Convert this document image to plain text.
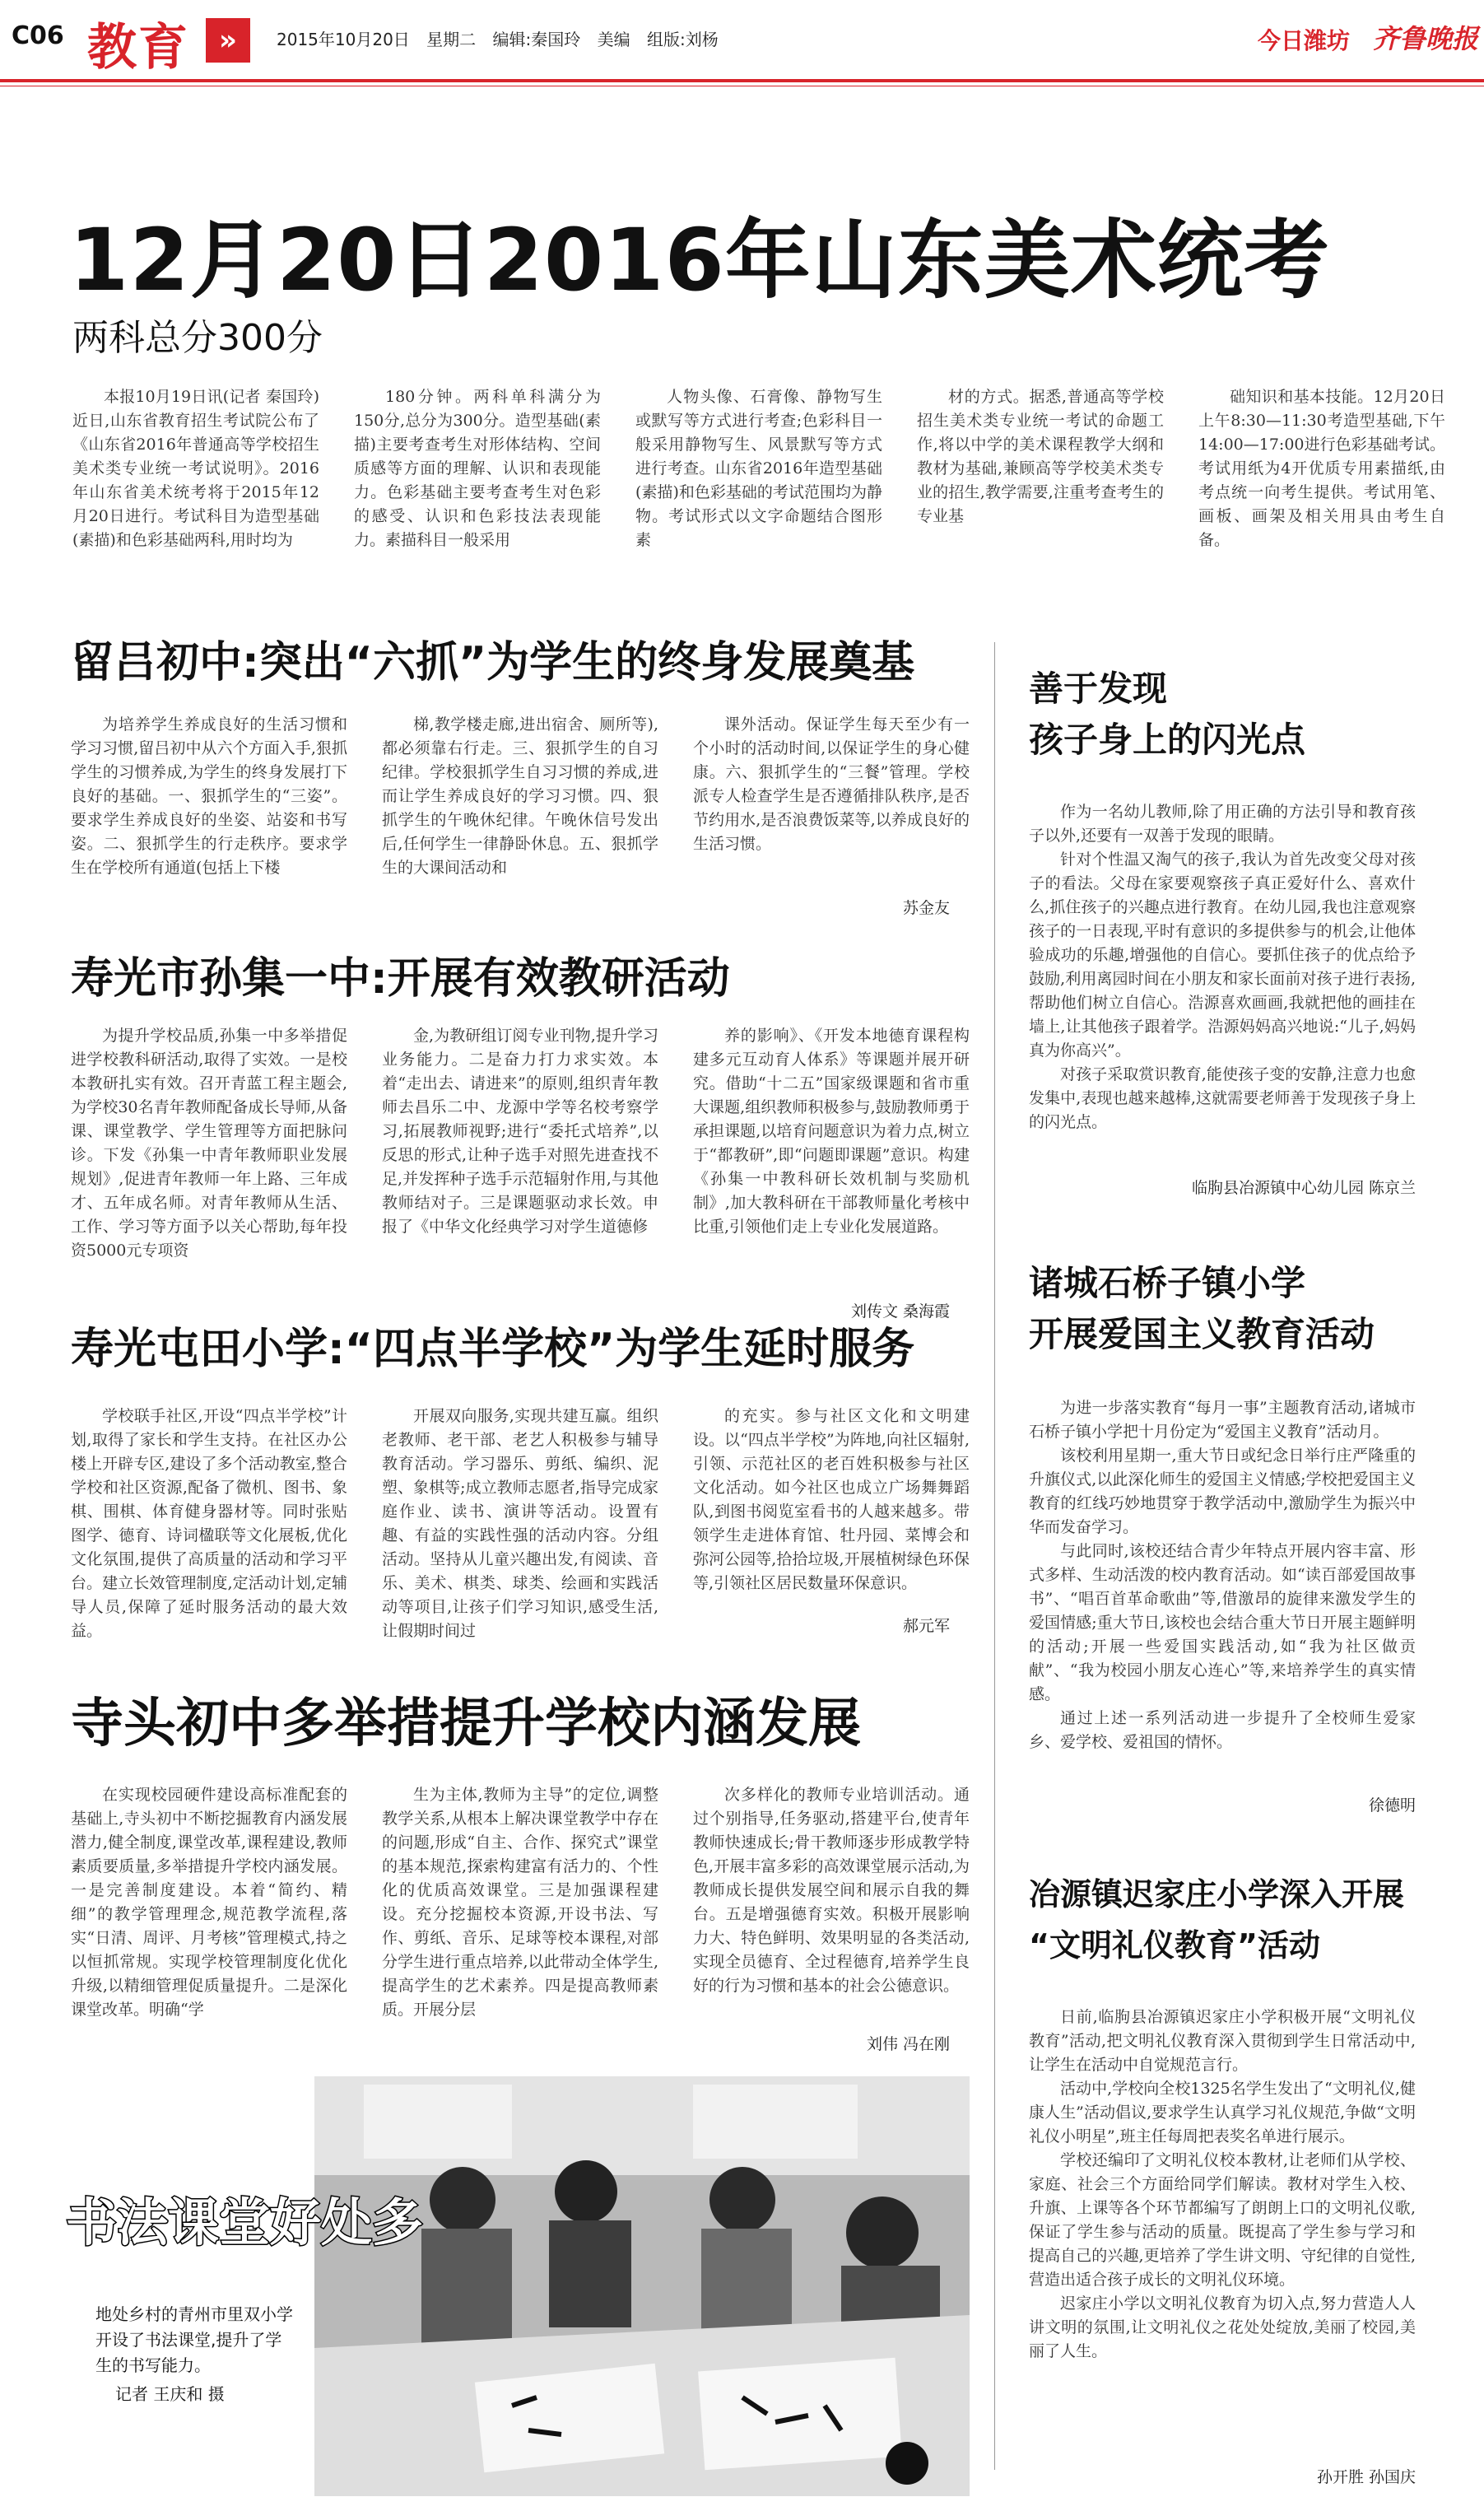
C06 教育	»	2015年10月20日 星期二 编辑:秦国玲 美编 组版:刘杨	今日潍坊 齐鲁晚报
12月20日2016年山东美术统考
两科总分300分

本报10月19日讯(记者 秦国玲)近日,山东省教育招生考试院公布了《山东省2016年普通高等学校招生美术类专业统一考试说明》。2016年山东省美术统考将于2015年12月20日进行。考试科目为造型基础(素描)和色彩基础两科,用时均为

180分钟。两科单科满分为150分,总分为300分。造型基础(素描)主要考查考生对形体结构、空间质感等方面的理解、认识和表现能力。色彩基础主要考查考生对色彩的感受、认识和色彩技法表现能力。素描科目一般采用

人物头像、石膏像、静物写生或默写等方式进行考查;色彩科目一般采用静物写生、风景默写等方式进行考查。山东省2016年造型基础(素描)和色彩基础的考试范围均为静物。考试形式以文字命题结合图形素

材的方式。据悉,普通高等学校招生美术类专业统一考试的命题工作,将以中学的美术课程教学大纲和教材为基础,兼顾高等学校美术类专业的招生,教学需要,注重考查考生的专业基

础知识和基本技能。12月20日上午8:30—11:30考造型基础,下午14:00—17:00进行色彩基础考试。考试用纸为4开优质专用素描纸,由考点统一向考生提供。考试用笔、画板、画架及相关用具由考生自备。

留吕初中:突出“六抓”为学生的终身发展奠基

为培养学生养成良好的生活习惯和学习习惯,留吕初中从六个方面入手,狠抓学生的习惯养成,为学生的终身发展打下良好的基础。一、狠抓学生的“三姿”。要求学生养成良好的坐姿、站姿和书写姿。二、狠抓学生的行走秩序。要求学生在学校所有通道(包括上下楼

梯,教学楼走廊,进出宿舍、厕所等),都必须靠右行走。三、狠抓学生的自习纪律。学校狠抓学生自习习惯的养成,进而让学生养成良好的学习习惯。四、狠抓学生的午晚休纪律。午晚休信号发出后,任何学生一律静卧休息。五、狠抓学生的大课间活动和

课外活动。保证学生每天至少有一个小时的活动时间,以保证学生的身心健康。六、狠抓学生的“三餐”管理。学校派专人检查学生是否遵循排队秩序,是否节约用水,是否浪费饭菜等,以养成良好的生活习惯。

苏金友
寿光市孙集一中:开展有效教研活动

为提升学校品质,孙集一中多举措促进学校教科研活动,取得了实效。一是校本教研扎实有效。召开青蓝工程主题会,为学校30名青年教师配备成长导师,从备课、课堂教学、学生管理等方面把脉问诊。下发《孙集一中青年教师职业发展规划》,促进青年教师一年上路、三年成才、五年成名师。对青年教师从生活、工作、学习等方面予以关心帮助,每年投资5000元专项资

金,为教研组订阅专业刊物,提升学习业务能力。二是奋力打力求实效。本着“走出去、请进来”的原则,组织青年教师去昌乐二中、龙源中学等名校考察学习,拓展教师视野;进行“委托式培养”,以反思的形式,让种子选手对照先进查找不足,并发挥种子选手示范辐射作用,与其他教师结对子。三是课题驱动求长效。申报了《中华文化经典学习对学生道德修

养的影响》、《开发本地德育课程构建多元互动育人体系》等课题并展开研究。借助“十二五”国家级课题和省市重大课题,组织教师积极参与,鼓励教师勇于承担课题,以培育问题意识为着力点,树立于“都教研”,即“问题即课题”意识。构建《孙集一中教科研长效机制与奖励机制》,加大教科研在干部教师量化考核中比重,引领他们走上专业化发展道路。

刘传文 桑海霞
寿光屯田小学:“四点半学校”为学生延时服务

学校联手社区,开设“四点半学校”计划,取得了家长和学生支持。在社区办公楼上开辟专区,建设了多个活动教室,整合学校和社区资源,配备了微机、图书、象棋、围棋、体育健身器材等。同时张贴图学、德育、诗词楹联等文化展板,优化文化氛围,提供了高质量的活动和学习平台。建立长效管理制度,定活动计划,定辅导人员,保障了延时服务活动的最大效益。

开展双向服务,实现共建互赢。组织老教师、老干部、老艺人积极参与辅导教育活动。学习器乐、剪纸、编织、泥塑、象棋等;成立教师志愿者,指导完成家庭作业、读书、演讲等活动。设置有趣、有益的实践性强的活动内容。分组活动。坚持从儿童兴趣出发,有阅读、音乐、美术、棋类、球类、绘画和实践活动等项目,让孩子们学习知识,感受生活,让假期时间过

的充实。参与社区文化和文明建设。以“四点半学校”为阵地,向社区辐射,引领、示范社区的老百姓积极参与社区文化活动。如今社区也成立广场舞舞蹈队,到图书阅览室看书的人越来越多。带领学生走进体育馆、牡丹园、菜博会和弥河公园等,拾拾垃圾,开展植树绿色环保等,引领社区居民数量环保意识。

郝元军
寺头初中多举措提升学校内涵发展

在实现校园硬件建设高标准配套的基础上,寺头初中不断挖掘教育内涵发展潜力,健全制度,课堂改革,课程建设,教师素质要质量,多举措提升学校内涵发展。一是完善制度建设。本着“简约、精细”的教学管理理念,规范教学流程,落实“日清、周评、月考核”管理模式,持之以恒抓常规。实现学校管理制度化优化升级,以精细管理促质量提升。二是深化课堂改革。明确“学

生为主体,教师为主导”的定位,调整教学关系,从根本上解决课堂教学中存在的问题,形成“自主、合作、探究式”课堂的基本规范,探索构建富有活力的、个性化的优质高效课堂。三是加强课程建设。充分挖掘校本资源,开设书法、写作、剪纸、音乐、足球等校本课程,对部分学生进行重点培养,以此带动全体学生,提高学生的艺术素养。四是提高教师素质。开展分层

次多样化的教师专业培训活动。通过个别指导,任务驱动,搭建平台,使青年教师快速成长;骨干教师逐步形成教学特色,开展丰富多彩的高效课堂展示活动,为教师成长提供发展空间和展示自我的舞台。五是增强德育实效。积极开展影响力大、特色鲜明、效果明显的各类活动,实现全员德育、全过程德育,培养学生良好的行为习惯和基本的社会公德意识。

刘伟 冯在刚
书法课堂好处多
地处乡村的青州市里双小学开设了书法课堂,提升了学生的书写能力。
记者 王庆和 摄
善于发现
孩子身上的闪光点

作为一名幼儿教师,除了用正确的方法引导和教育孩子以外,还要有一双善于发现的眼睛。

针对个性温又淘气的孩子,我认为首先改变父母对孩子的看法。父母在家要观察孩子真正爱好什么、喜欢什么,抓住孩子的兴趣点进行教育。在幼儿园,我也注意观察孩子的一日表现,平时有意识的多提供参与的机会,让他体验成功的乐趣,增强他的自信心。要抓住孩子的优点给予鼓励,利用离园时间在小朋友和家长面前对孩子进行表扬,帮助他们树立自信心。浩源喜欢画画,我就把他的画挂在墙上,让其他孩子跟着学。浩源妈妈高兴地说:“儿子,妈妈真为你高兴”。

对孩子采取赏识教育,能使孩子变的安静,注意力也愈发集中,表现也越来越棒,这就需要老师善于发现孩子身上的闪光点。

临朐县冶源镇中心幼儿园 陈京兰
诸城石桥子镇小学
开展爱国主义教育活动

为进一步落实教育“每月一事”主题教育活动,诸城市石桥子镇小学把十月份定为“爱国主义教育”活动月。

该校利用星期一,重大节日或纪念日举行庄严隆重的升旗仪式,以此深化师生的爱国主义情感;学校把爱国主义教育的红线巧妙地贯穿于教学活动中,激励学生为振兴中华而发奋学习。

与此同时,该校还结合青少年特点开展内容丰富、形式多样、生动活泼的校内教育活动。如“读百部爱国故事书”、“唱百首革命歌曲”等,借激昂的旋律来激发学生的爱国情感;重大节日,该校也会结合重大节日开展主题鲜明的活动;开展一些爱国实践活动,如“我为社区做贡献”、“我为校园小朋友心连心”等,来培养学生的真实情感。

通过上述一系列活动进一步提升了全校师生爱家乡、爱学校、爱祖国的情怀。

徐德明
冶源镇迟家庄小学深入开展
“文明礼仪教育”活动

日前,临朐县冶源镇迟家庄小学积极开展“文明礼仪教育”活动,把文明礼仪教育深入贯彻到学生日常活动中,让学生在活动中自觉规范言行。

活动中,学校向全校1325名学生发出了“文明礼仪,健康人生”活动倡议,要求学生认真学习礼仪规范,争做“文明礼仪小明星”,班主任每周把表奖名单进行展示。

学校还编印了文明礼仪校本教材,让老师们从学校、家庭、社会三个方面给同学们解读。教材对学生入校、升旗、上课等各个环节都编写了朗朗上口的文明礼仪歌,保证了学生参与活动的质量。既提高了学生参与学习和提高自己的兴趣,更培养了学生讲文明、守纪律的自觉性,营造出适合孩子成长的文明礼仪环境。

迟家庄小学以文明礼仪教育为切入点,努力营造人人讲文明的氛围,让文明礼仪之花处处绽放,美丽了校园,美丽了人生。

孙开胜 孙国庆
